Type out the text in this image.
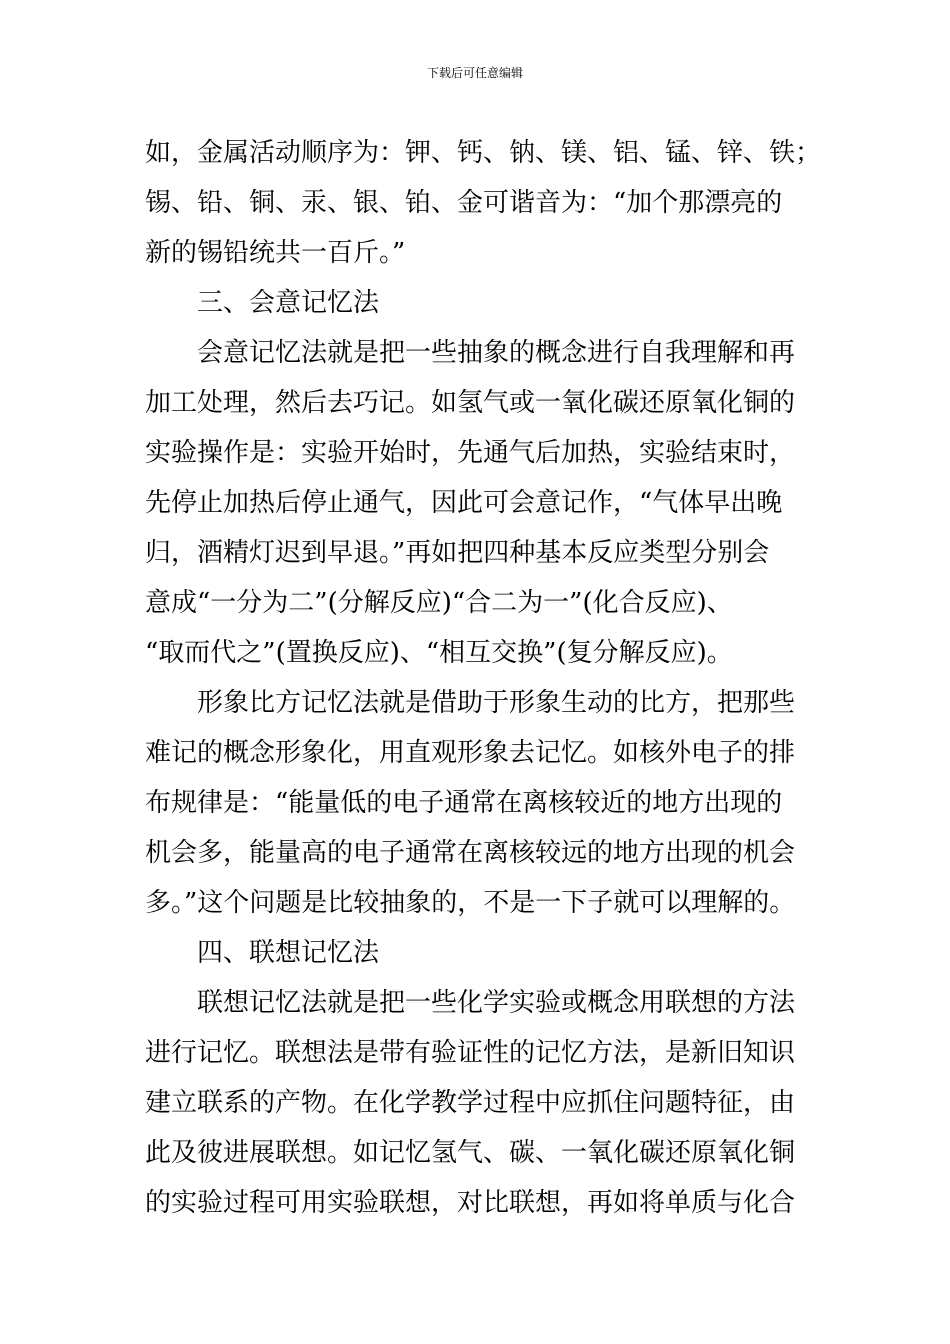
下载后可任意编辑
如，金属活动顺序为：钾、钙、钠、镁、铝、锰、锌、铁；
锡、铅、铜、汞、银、铂、金可谐音为：“加个那漂亮的
新的锡铅统共一百斤。”
三、会意记忆法
会意记忆法就是把一些抽象的概念进行自我理解和再
加工处理，然后去巧记。如氢气或一氧化碳还原氧化铜的
实验操作是：实验开始时，先通气后加热，实验结束时，
先停止加热后停止通气，因此可会意记作，“气体早出晚
归，酒精灯迟到早退。”再如把四种基本反应类型分别会
意成“一分为二”(分解反应)“合二为一”(化合反应)、
“取而代之”(置换反应)、“相互交换”(复分解反应)。
形象比方记忆法就是借助于形象生动的比方，把那些
难记的概念形象化，用直观形象去记忆。如核外电子的排
布规律是：“能量低的电子通常在离核较近的地方出现的
机会多，能量高的电子通常在离核较远的地方出现的机会
多。”这个问题是比较抽象的，不是一下子就可以理解的。
四、联想记忆法
联想记忆法就是把一些化学实验或概念用联想的方法
进行记忆。联想法是带有验证性的记忆方法，是新旧知识
建立联系的产物。在化学教学过程中应抓住问题特征，由
此及彼进展联想。如记忆氢气、碳、一氧化碳还原氧化铜
的实验过程可用实验联想，对比联想，再如将单质与化合
